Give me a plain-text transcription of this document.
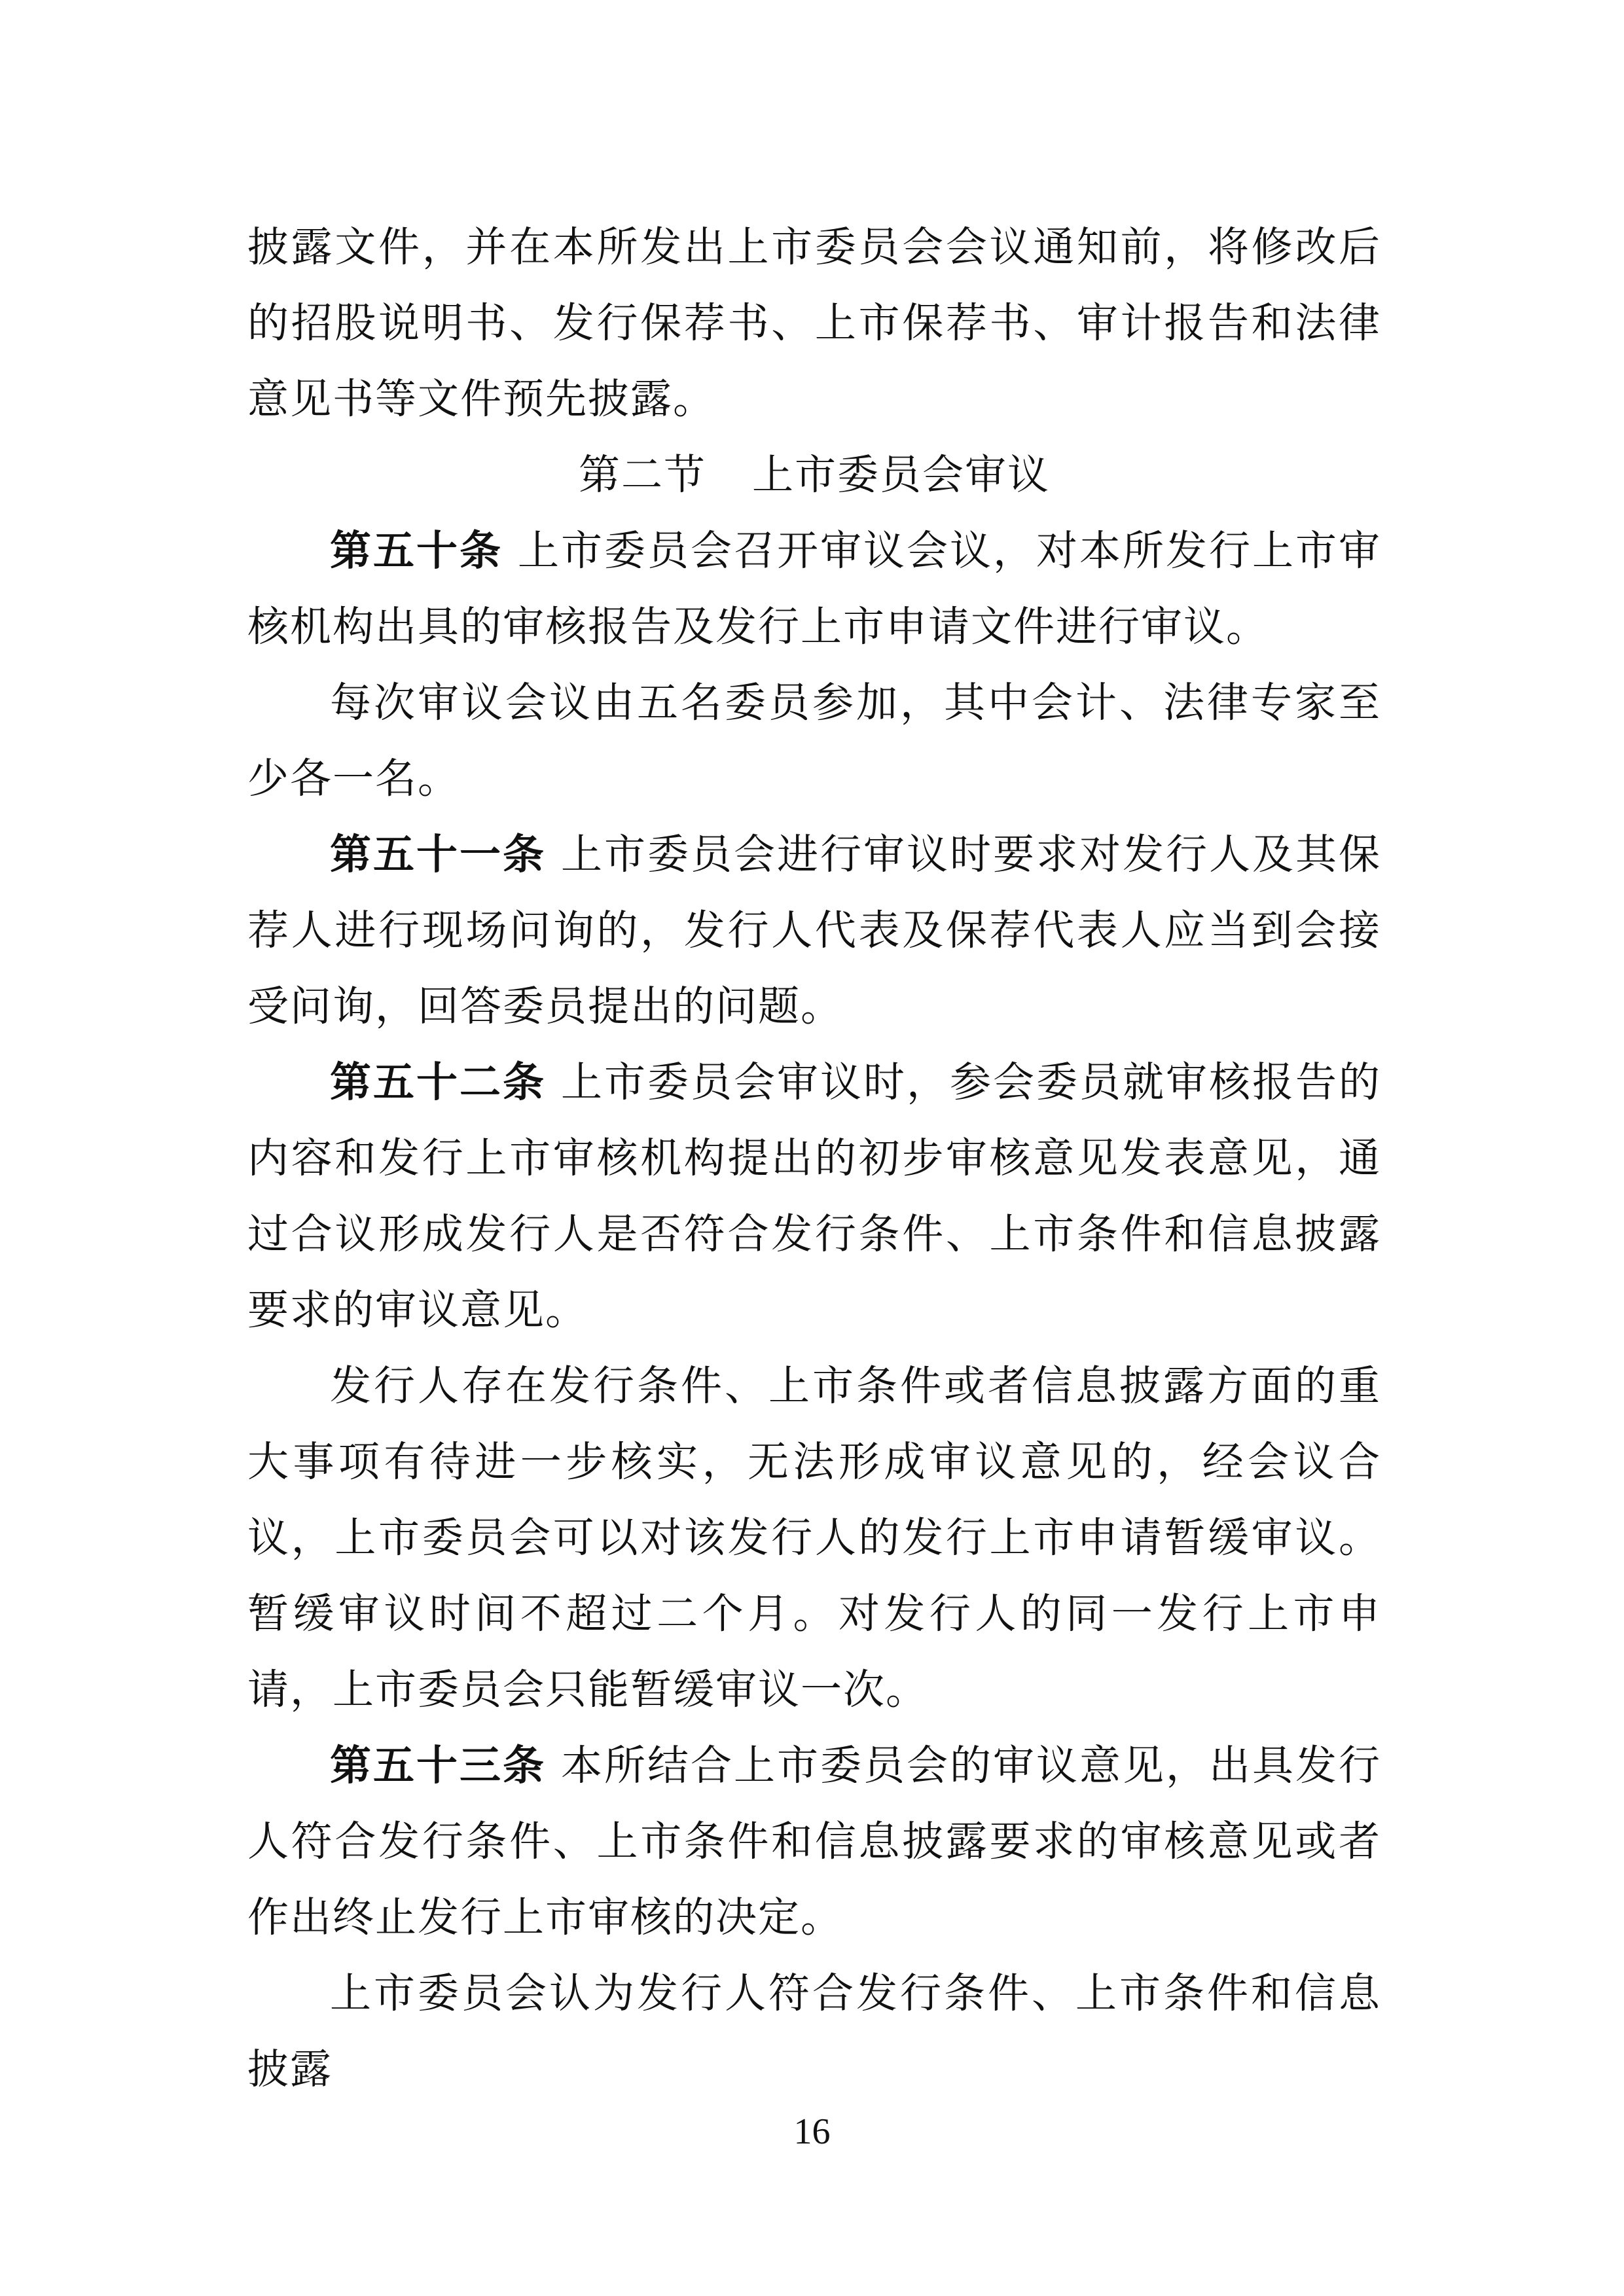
披露文件，并在本所发出上市委员会会议通知前，将修改后的招股说明书、发行保荐书、上市保荐书、审计报告和法律意见书等文件预先披露。

第二节 上市委员会审议

第五十条 上市委员会召开审议会议，对本所发行上市审核机构出具的审核报告及发行上市申请文件进行审议。

每次审议会议由五名委员参加，其中会计、法律专家至少各一名。

第五十一条 上市委员会进行审议时要求对发行人及其保荐人进行现场问询的，发行人代表及保荐代表人应当到会接受问询，回答委员提出的问题。

第五十二条 上市委员会审议时，参会委员就审核报告的内容和发行上市审核机构提出的初步审核意见发表意见，通过合议形成发行人是否符合发行条件、上市条件和信息披露要求的审议意见。

发行人存在发行条件、上市条件或者信息披露方面的重大事项有待进一步核实，无法形成审议意见的，经会议合议，上市委员会可以对该发行人的发行上市申请暂缓审议。暂缓审议时间不超过二个月。对发行人的同一发行上市申请，上市委员会只能暂缓审议一次。

第五十三条 本所结合上市委员会的审议意见，出具发行人符合发行条件、上市条件和信息披露要求的审核意见或者作出终止发行上市审核的决定。

上市委员会认为发行人符合发行条件、上市条件和信息披露

16
